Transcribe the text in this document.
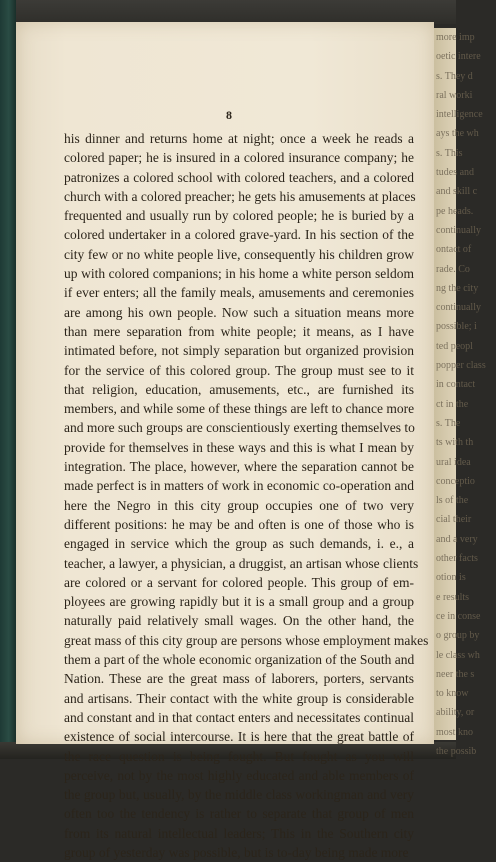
more imp
oetic intere
s. They d
ral worki
intelligence
ays the wh
s. This
tudes and
and skill c
pe heads.
continually
ontact of
rade. Co
ng the city
continually
possible; i
ted peopl
popper class
in contact
ct in the
s. The
ts with th
ural idea
conceptio
ls of the
cial their
and a very
other facts
otion is
e results
ce in conse
o group by
le class wh
neer the s
to know
ability, or
most kno
the possib
8
his dinner and returns home at night; once a week he reads a
colored paper; he is insured in a colored insurance company; he
patronizes a colored school with colored teachers, and a colored
church with a colored preacher; he gets his amusements at places
frequented and usually run by colored people; he is buried by a
colored undertaker in a colored grave-yard. In his section of the
city few or no white people live, consequently his children grow
up with colored companions; in his home a white person seldom
if ever enters; all the family meals, amusements and ceremonies
are among his own people. Now such a situation means more
than mere separation from white people; it means, as I have
intimated before, not simply separation but organized provision
for the service of this colored group. The group must see to it
that religion, education, amusements, etc., are furnished its
members, and while some of these things are left to chance more
and more such groups are conscientiously exerting themselves to
provide for themselves in these ways and this is what I mean by
integration. The place, however, where the separation cannot be
made perfect is in matters of work in economic co-operation and
here the Negro in this city group occupies one of two very
different positions: he may be and often is one of those who is
engaged in service which the group as such demands, i. e., a
teacher, a lawyer, a physician, a druggist, an artisan whose clients
are colored or a servant for colored people. This group of em-
ployees are growing rapidly but it is a small group and a group
naturally paid relatively small wages. On the other hand, the
great mass of this city group are persons whose employment makes
them a part of the whole economic organization of the South and
Nation. These are the great mass of laborers, porters, servants
and artisans. Their contact with the white group is considerable
and constant and in that contact enters and necessitates continual
existence of social intercourse. It is here that the great battle of
the race question is being fought. But fought as you will
perceive, not by the most highly educated and able members of
the group but, usually, by the middle class workingman and very
often too the tendency is rather to separate that group of men
from its natural intellectual leaders; This in the Southern city
group of yesterday was possible, but is to-day being made more
